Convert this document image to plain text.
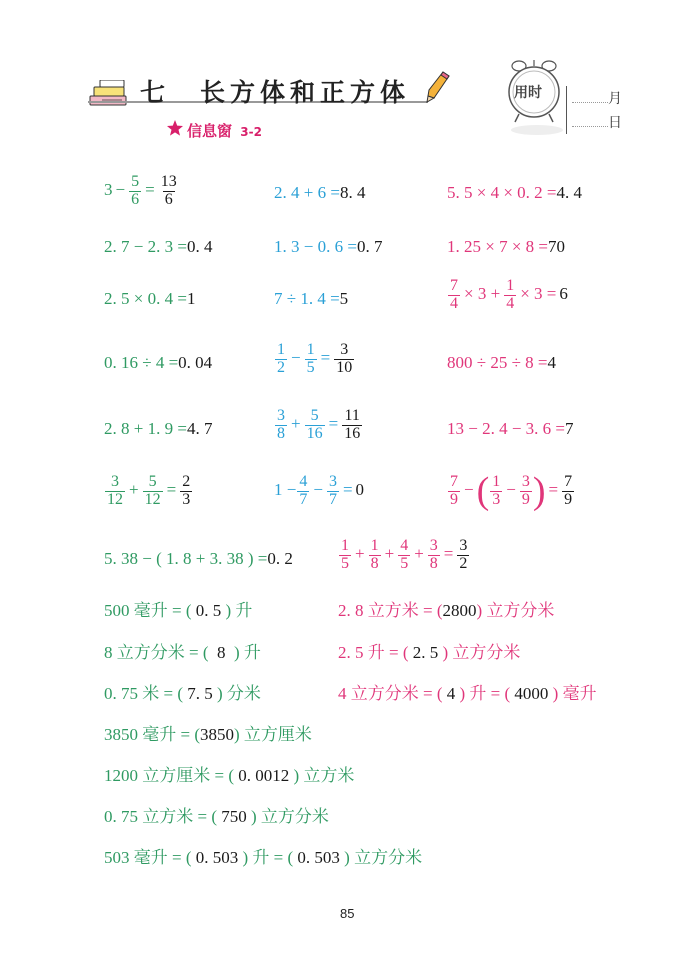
七 长方体和正方体
信息窗 3-2
用时	月
日
$3 - \frac{5}{6} = \frac{13}{6}$	2. 4 + 6 =8. 4	5. 5 × 4 × 0. 2 =4. 4
2. 7 − 2. 3 =0. 4	1. 3 − 0. 6 =0. 7	1. 25 × 7 × 8 =70
2. 5 × 0. 4 =1	7 ÷ 1. 4 =5	$\frac{7}{4} \times 3 + \frac{1}{4} \times 3 = 6$
0. 16 ÷ 4 =0. 04	$\frac{1}{2} - \frac{1}{5} = \frac{3}{10}$	800 ÷ 25 ÷ 8 =4
2. 8 + 1. 9 =4. 7	$\frac{3}{8} + \frac{5}{16} = \frac{11}{16}$	13 − 2. 4 − 3. 6 =7
$\frac{3}{12} + \frac{5}{12} = \frac{2}{3}$	$1 - \frac{4}{7} - \frac{3}{7} = 0$	$\frac{7}{9}$ −( $\frac{1}{3} - \frac{3}{9}$ ) = $\frac{7}{9}$
5. 38 − ( 1. 8 + 3. 38 ) =0. 2	$\frac{1}{5} + \frac{1}{8} + \frac{4}{5} + \frac{3}{8} = \frac{3}{2}$
500 毫升 = ( 0. 5 ) 升	2. 8 立方米 = (2800) 立方分米
8 立方分米 = (  8  ) 升	2. 5 升 = ( 2. 5 ) 立方分米
0. 75 米 = ( 7. 5 ) 分米	4 立方分米 = ( 4 ) 升 = ( 4000 ) 毫升
3850 毫升 = (3850) 立方厘米
1200 立方厘米 = ( 0. 0012 ) 立方米
0. 75 立方米 = ( 750 ) 立方分米
503 毫升 = ( 0. 503 ) 升 = ( 0. 503 ) 立方分米
85
